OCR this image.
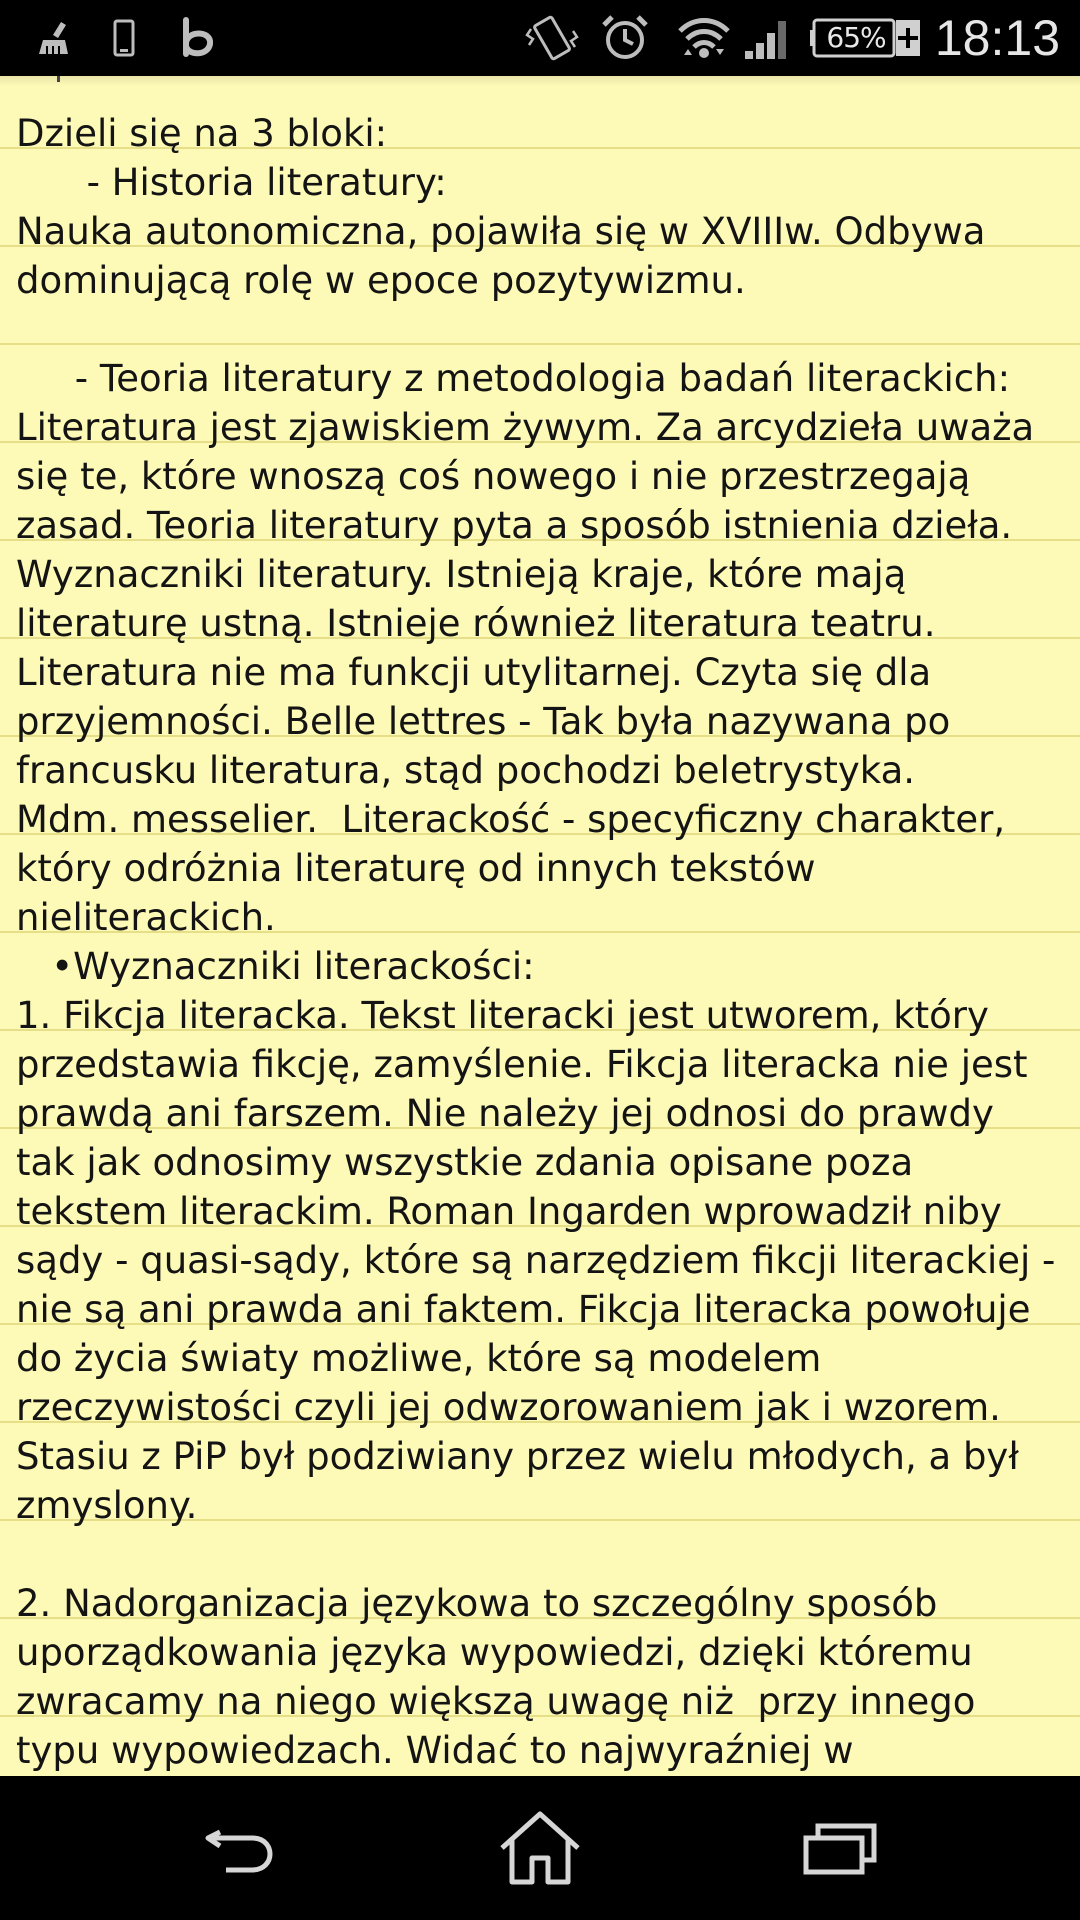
65% 18:13
Dzieli się na 3 bloki:
- Historia literatury:
Nauka autonomiczna, pojawiła się w XVIIIw. Odbywa
dominującą rolę w epoce pozytywizmu.
- Teoria literatury z metodologia badań literackich:
Literatura jest zjawiskiem żywym. Za arcydzieła uważa
się te, które wnoszą coś nowego i nie przestrzegają
zasad. Teoria literatury pyta a sposób istnienia dzieła.
Wyznaczniki literatury. Istnieją kraje, które mają
literaturę ustną. Istnieje również literatura teatru.
Literatura nie ma funkcji utylitarnej. Czyta się dla
przyjemności. Belle lettres - Tak była nazywana po
francusku literatura, stąd pochodzi beletrystyka.
Mdm. messelier.  Literackość - specyficzny charakter,
który odróżnia literaturę od innych tekstów
nieliterackich.
•Wyznaczniki literackości:
1. Fikcja literacka. Tekst literacki jest utworem, który
przedstawia fikcję, zamyślenie. Fikcja literacka nie jest
prawdą ani farszem. Nie należy jej odnosi do prawdy
tak jak odnosimy wszystkie zdania opisane poza
tekstem literackim. Roman Ingarden wprowadził niby
sądy - quasi-sądy, które są narzędziem fikcji literackiej -
nie są ani prawda ani faktem. Fikcja literacka powołuje
do życia światy możliwe, które są modelem
rzeczywistości czyli jej odwzorowaniem jak i wzorem.
Stasiu z PiP był podziwiany przez wielu młodych, a był
zmyslony.
2. Nadorganizacja językowa to szczególny sposób
uporządkowania języka wypowiedzi, dzięki któremu
zwracamy na niego większą uwagę niż  przy innego
typu wypowiedzach. Widać to najwyraźniej w
